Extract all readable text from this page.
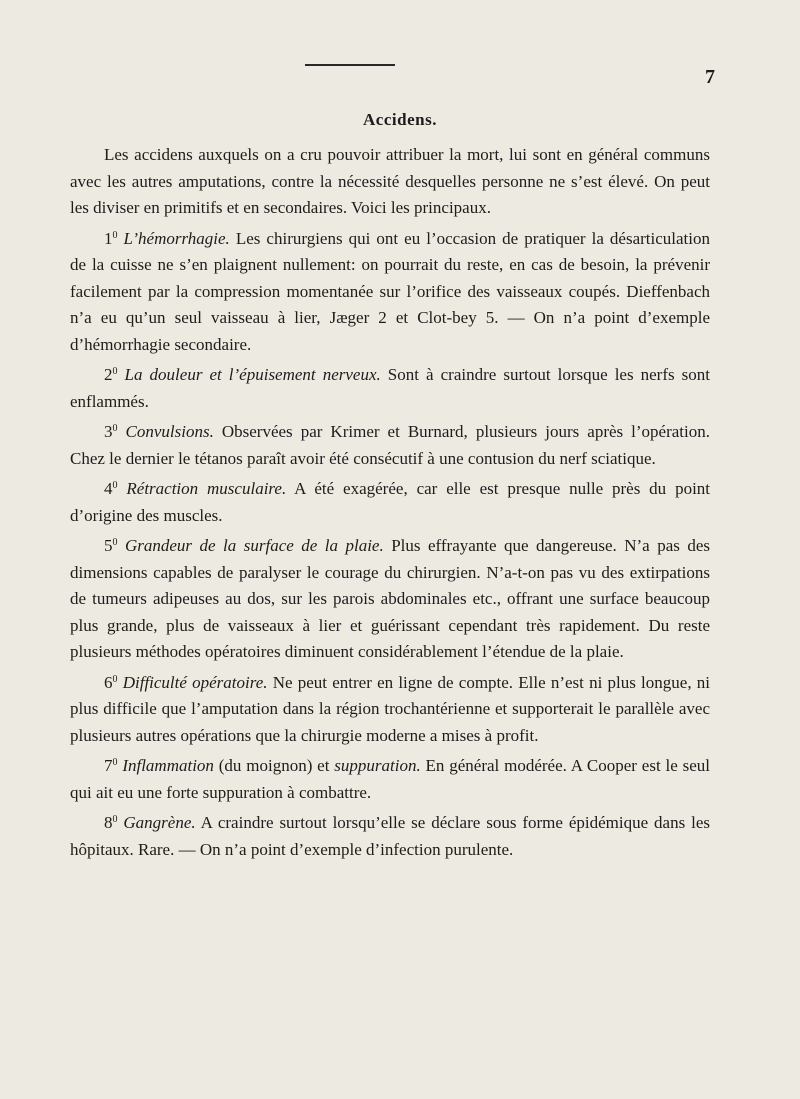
7
Accidens.

Les accidens auxquels on a cru pouvoir attribuer la mort, lui sont en général communs avec les autres amputations, contre la nécessité desquelles personne ne s’est élevé. On peut les diviser en primitifs et en secondaires. Voici les principaux.

$1^0$ L’hémorrhagie. Les chirurgiens qui ont eu l’occasion de pratiquer la désarticulation de la cuisse ne s’en plaignent nullement: on pourrait du reste, en cas de besoin, la prévenir facilement par la compression momentanée sur l’orifice des vaisseaux coupés. Dieffenbach n’a eu qu’un seul vaisseau à lier, Jæger 2 et Clot-bey 5. — On n’a point d’exemple d’hémorrhagie secondaire.

$2^0$ La douleur et l’épuisement nerveux. Sont à craindre surtout lorsque les nerfs sont enflammés.

$3^0$ Convulsions. Observées par Krimer et Burnard, plusieurs jours après l’opération. Chez le dernier le tétanos paraît avoir été consécutif à une contusion du nerf sciatique.

$4^0$ Rétraction musculaire. A été exagérée, car elle est presque nulle près du point d’origine des muscles.

$5^0$ Grandeur de la surface de la plaie. Plus effrayante que dangereuse. N’a pas des dimensions capables de paralyser le courage du chirurgien. N’a-t-on pas vu des extirpations de tumeurs adipeuses au dos, sur les parois abdominales etc., offrant une surface beaucoup plus grande, plus de vaisseaux à lier et guérissant cependant très rapidement. Du reste plusieurs méthodes opératoires diminuent considérablement l’étendue de la plaie.

$6^0$ Difficulté opératoire. Ne peut entrer en ligne de compte. Elle n’est ni plus longue, ni plus difficile que l’amputation dans la région trochantérienne et supporterait le parallèle avec plusieurs autres opérations que la chirurgie moderne a mises à profit.

$7^0$ Inflammation (du moignon) et suppuration. En général modérée. A Cooper est le seul qui ait eu une forte suppuration à combattre.

$8^0$ Gangrène. A craindre surtout lorsqu’elle se déclare sous forme épidémique dans les hôpitaux. Rare. — On n’a point d’exemple d’infection purulente.
